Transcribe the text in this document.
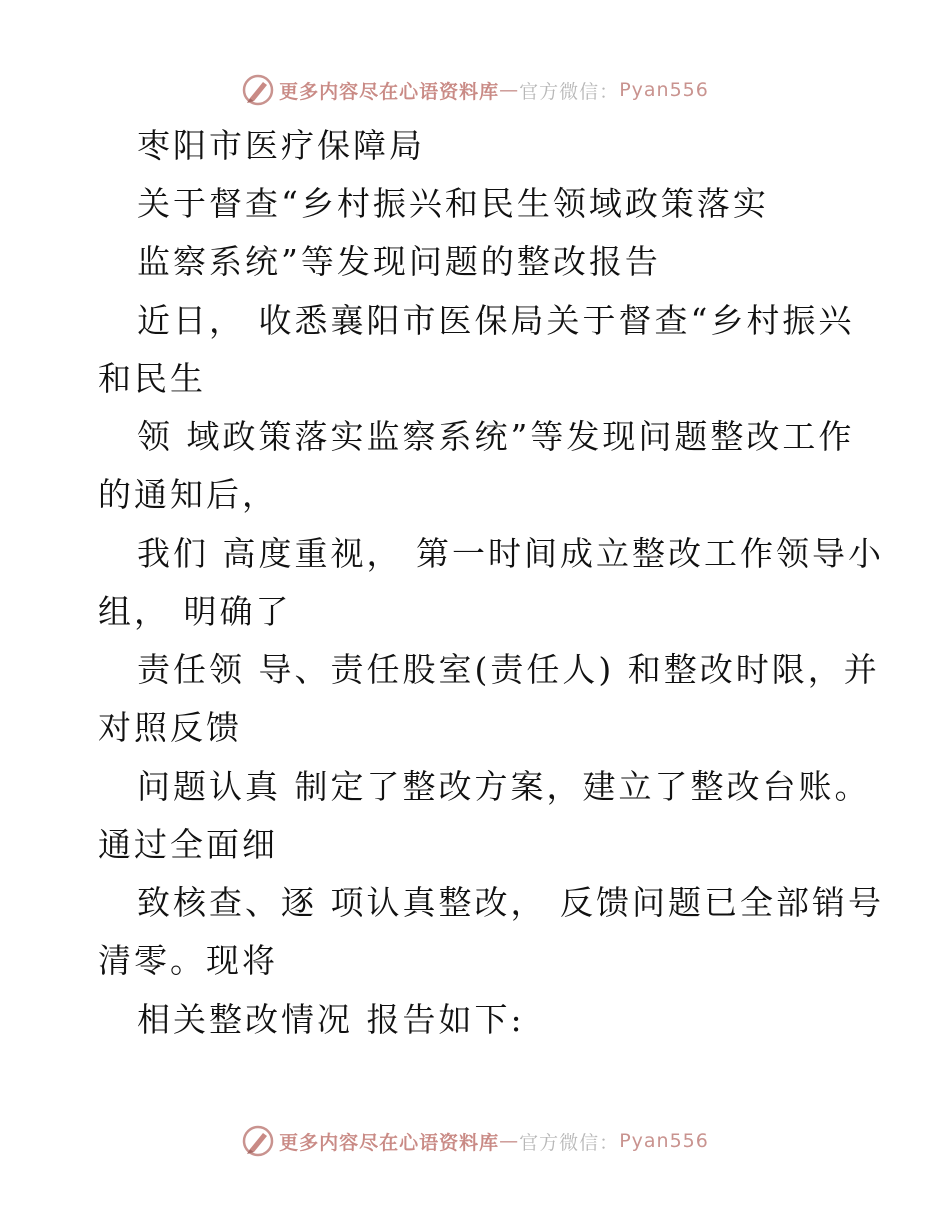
更多内容尽在心语资料库 — 官方微信： Pyan556
枣阳市医疗保障局
关于督查“乡村振兴和民生领域政策落实
监察系统”等发现问题的整改报告
近日， 收悉襄阳市医保局关于督查“乡村振兴
和民生
领 域政策落实监察系统”等发现问题整改工作
的通知后，
我们 高度重视， 第一时间成立整改工作领导小
组， 明确了
责任领 导、责任股室(责任人) 和整改时限，并
对照反馈
问题认真 制定了整改方案，建立了整改台账。
通过全面细
致核查、逐 项认真整改， 反馈问题已全部销号
清零。现将
相关整改情况 报告如下:
更多内容尽在心语资料库 — 官方微信： Pyan556
